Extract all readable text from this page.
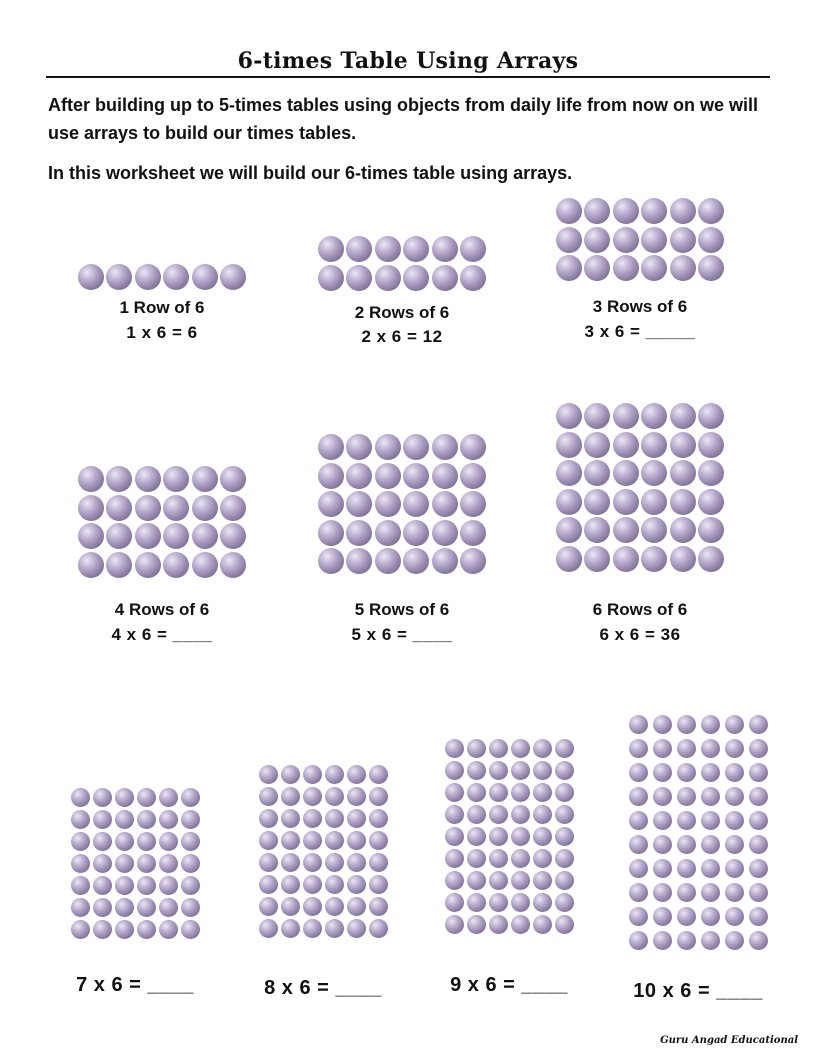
6-times Table Using Arrays

After building up to 5-times tables using objects from daily life from now on we will use arrays to build our times tables.

In this worksheet we will build our 6-times table using arrays.

1 Row of 6

1 x 6 = 6

2 Rows of 6

2 x 6 = 12

3 Rows of 6

3 x 6 = _____

4 Rows of 6

4 x 6 = ____

5 Rows of 6

5 x 6 = ____

6 Rows of 6

6 x 6 = 36

7 x 6 = ____	8 x 6 = ____	9 x 6 = ____	10 x 6 = ____

Guru Angad Educational
